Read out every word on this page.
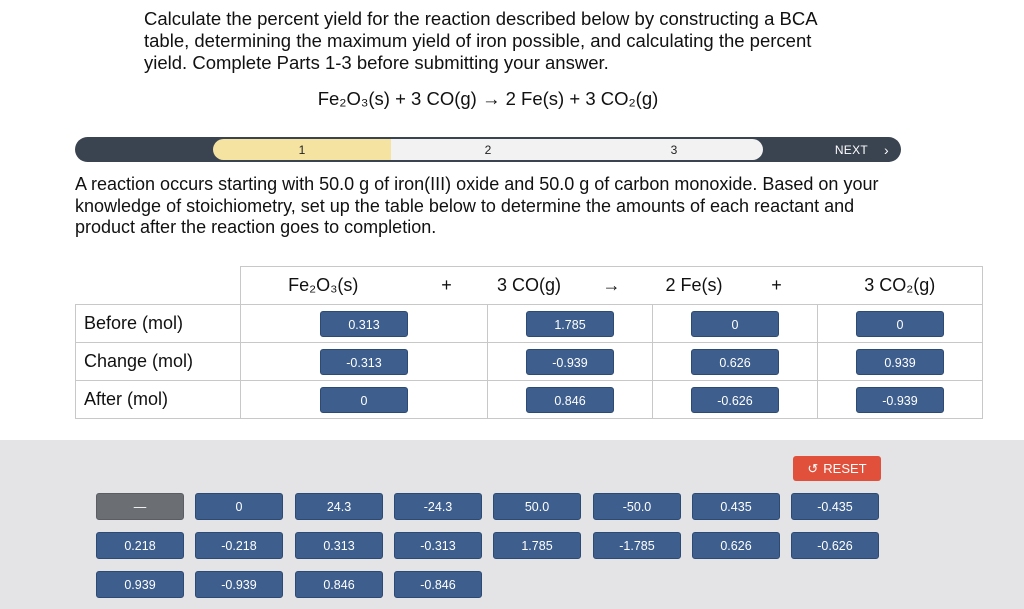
Calculate the percent yield for the reaction described below by constructing a BCA table, determining the maximum yield of iron possible, and calculating the percent yield. Complete Parts 1-3 before submitting your answer.
Fe₂O₃(s) + 3 CO(g) → 2 Fe(s) + 3 CO₂(g)
1	2	3	NEXT ›
A reaction occurs starting with 50.0 g of iron(III) oxide and 50.0 g of carbon monoxide. Based on your knowledge of stoichiometry, set up the table below to determine the amounts of each reactant and product after the reaction goes to completion.
	Fe₂O₃(s)	+	3 CO(g)	→	2 Fe(s)	+	3 CO₂(g)
Before (mol)	0.313		1.785		0		0
Change (mol)	-0.313		-0.939		0.626		0.939
After (mol)	0		0.846		-0.626		-0.939
↺ RESET
—	0	24.3	-24.3	50.0	-50.0	0.435	-0.435
0.218	-0.218	0.313	-0.313	1.785	-1.785	0.626	-0.626
0.939	-0.939	0.846	-0.846
